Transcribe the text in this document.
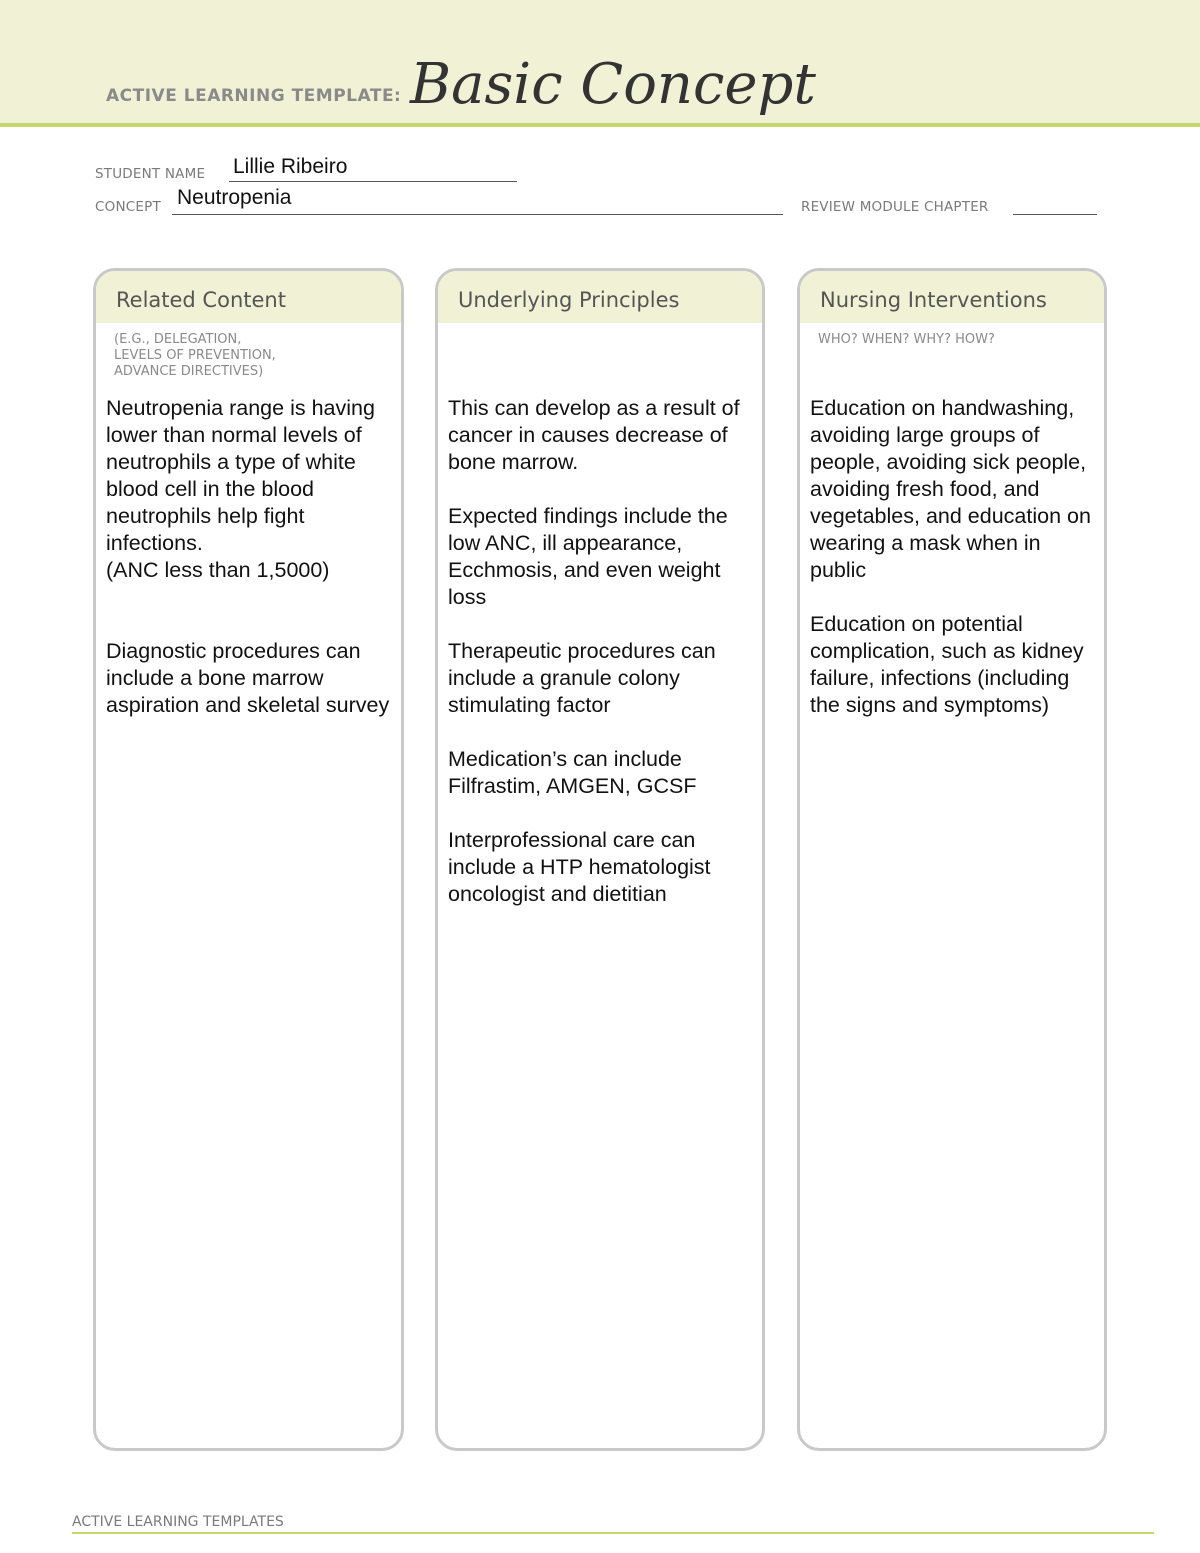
ACTIVE LEARNING TEMPLATE: Basic Concept
STUDENT NAME Lillie Ribeiro
CONCEPT Neutropenia	REVIEW MODULE CHAPTER
Related Content
(E.G., DELEGATION,
LEVELS OF PREVENTION,
ADVANCE DIRECTIVES)

Neutropenia range is having lower than normal levels of neutrophils a type of white blood cell in the blood neutrophils help fight infections.
(ANC less than 1,5000)

Diagnostic procedures can include a bone marrow aspiration and skeletal survey

Underlying Principles

This can develop as a result of cancer in causes decrease of bone marrow.

Expected findings include the low ANC, ill appearance, Ecchmosis, and even weight loss

Therapeutic procedures can include a granule colony stimulating factor

Medication’s can include Filfrastim, AMGEN, GCSF

Interprofessional care can include a HTP hematologist oncologist and dietitian

Nursing Interventions
WHO? WHEN? WHY? HOW?

Education on handwashing, avoiding large groups of people, avoiding sick people, avoiding fresh food, and vegetables, and education on wearing a mask when in public

Education on potential complication, such as kidney failure, infections (including the signs and symptoms)

ACTIVE LEARNING TEMPLATES
